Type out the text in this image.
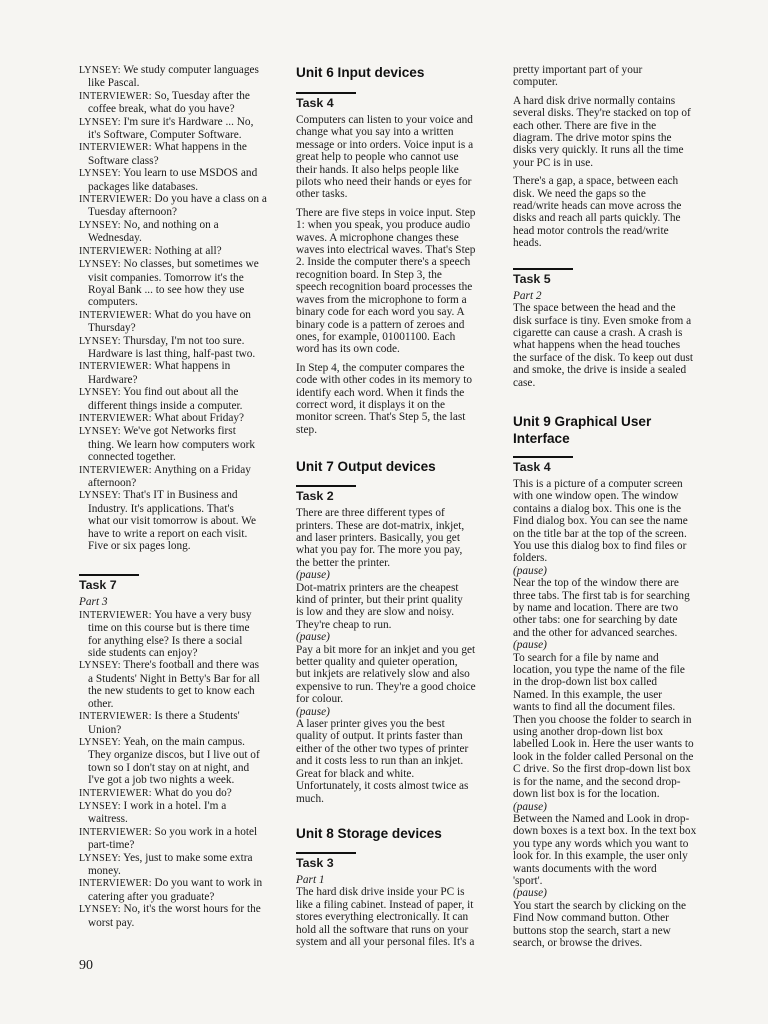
LYNSEY: We study computer languages
like Pascal.
INTERVIEWER: So, Tuesday after the
coffee break, what do you have?
LYNSEY: I'm sure it's Hardware ... No,
it's Software, Computer Software.
INTERVIEWER: What happens in the
Software class?
LYNSEY: You learn to use MSDOS and
packages like databases.
INTERVIEWER: Do you have a class on a
Tuesday afternoon?
LYNSEY: No, and nothing on a
Wednesday.
INTERVIEWER: Nothing at all?
LYNSEY: No classes, but sometimes we
visit companies. Tomorrow it's the
Royal Bank ... to see how they use
computers.
INTERVIEWER: What do you have on
Thursday?
LYNSEY: Thursday, I'm not too sure.
Hardware is last thing, half-past two.
INTERVIEWER: What happens in
Hardware?
LYNSEY: You find out about all the
different things inside a computer.
INTERVIEWER: What about Friday?
LYNSEY: We've got Networks first
thing. We learn how computers work
connected together.
INTERVIEWER: Anything on a Friday
afternoon?
LYNSEY: That's IT in Business and
Industry. It's applications. That's
what our visit tomorrow is about. We
have to write a report on each visit.
Five or six pages long.
Task 7
Part 3
INTERVIEWER: You have a very busy
time on this course but is there time
for anything else? Is there a social
side students can enjoy?
LYNSEY: There's football and there was
a Students' Night in Betty's Bar for all
the new students to get to know each
other.
INTERVIEWER: Is there a Students'
Union?
LYNSEY: Yeah, on the main campus.
They organize discos, but I live out of
town so I don't stay on at night, and
I've got a job two nights a week.
INTERVIEWER: What do you do?
LYNSEY: I work in a hotel. I'm a
waitress.
INTERVIEWER: So you work in a hotel
part-time?
LYNSEY: Yes, just to make some extra
money.
INTERVIEWER: Do you want to work in
catering after you graduate?
LYNSEY: No, it's the worst hours for the
worst pay.
Unit 6 Input devices
Task 4
Computers can listen to your voice and
change what you say into a written
message or into orders. Voice input is a
great help to people who cannot use
their hands. It also helps people like
pilots who need their hands or eyes for
other tasks.
There are five steps in voice input. Step
1: when you speak, you produce audio
waves. A microphone changes these
waves into electrical waves. That's Step
2. Inside the computer there's a speech
recognition board. In Step 3, the
speech recognition board processes the
waves from the microphone to form a
binary code for each word you say. A
binary code is a pattern of zeroes and
ones, for example, 01001100. Each
word has its own code.
In Step 4, the computer compares the
code with other codes in its memory to
identify each word. When it finds the
correct word, it displays it on the
monitor screen. That's Step 5, the last
step.
Unit 7 Output devices
Task 2
There are three different types of
printers. These are dot-matrix, inkjet,
and laser printers. Basically, you get
what you pay for. The more you pay,
the better the printer.
(pause)
Dot-matrix printers are the cheapest
kind of printer, but their print quality
is low and they are slow and noisy.
They're cheap to run.
(pause)
Pay a bit more for an inkjet and you get
better quality and quieter operation,
but inkjets are relatively slow and also
expensive to run. They're a good choice
for colour.
(pause)
A laser printer gives you the best
quality of output. It prints faster than
either of the other two types of printer
and it costs less to run than an inkjet.
Great for black and white.
Unfortunately, it costs almost twice as
much.
Unit 8 Storage devices
Task 3
Part 1
The hard disk drive inside your PC is
like a filing cabinet. Instead of paper, it
stores everything electronically. It can
hold all the software that runs on your
system and all your personal files. It's a
pretty important part of your
computer.
A hard disk drive normally contains
several disks. They're stacked on top of
each other. There are five in the
diagram. The drive motor spins the
disks very quickly. It runs all the time
your PC is in use.
There's a gap, a space, between each
disk. We need the gaps so the
read/write heads can move across the
disks and reach all parts quickly. The
head motor controls the read/write
heads.
Task 5
Part 2
The space between the head and the
disk surface is tiny. Even smoke from a
cigarette can cause a crash. A crash is
what happens when the head touches
the surface of the disk. To keep out dust
and smoke, the drive is inside a sealed
case.
Unit 9 Graphical User
Interface
Task 4
This is a picture of a computer screen
with one window open. The window
contains a dialog box. This one is the
Find dialog box. You can see the name
on the title bar at the top of the screen.
You use this dialog box to find files or
folders.
(pause)
Near the top of the window there are
three tabs. The first tab is for searching
by name and location. There are two
other tabs: one for searching by date
and the other for advanced searches.
(pause)
To search for a file by name and
location, you type the name of the file
in the drop-down list box called
Named. In this example, the user
wants to find all the document files.
Then you choose the folder to search in
using another drop-down list box
labelled Look in. Here the user wants to
look in the folder called Personal on the
C drive. So the first drop-down list box
is for the name, and the second drop-
down list box is for the location.
(pause)
Between the Named and Look in drop-
down boxes is a text box. In the text box
you type any words which you want to
look for. In this example, the user only
wants documents with the word
'sport'.
(pause)
You start the search by clicking on the
Find Now command button. Other
buttons stop the search, start a new
search, or browse the drives.
90
